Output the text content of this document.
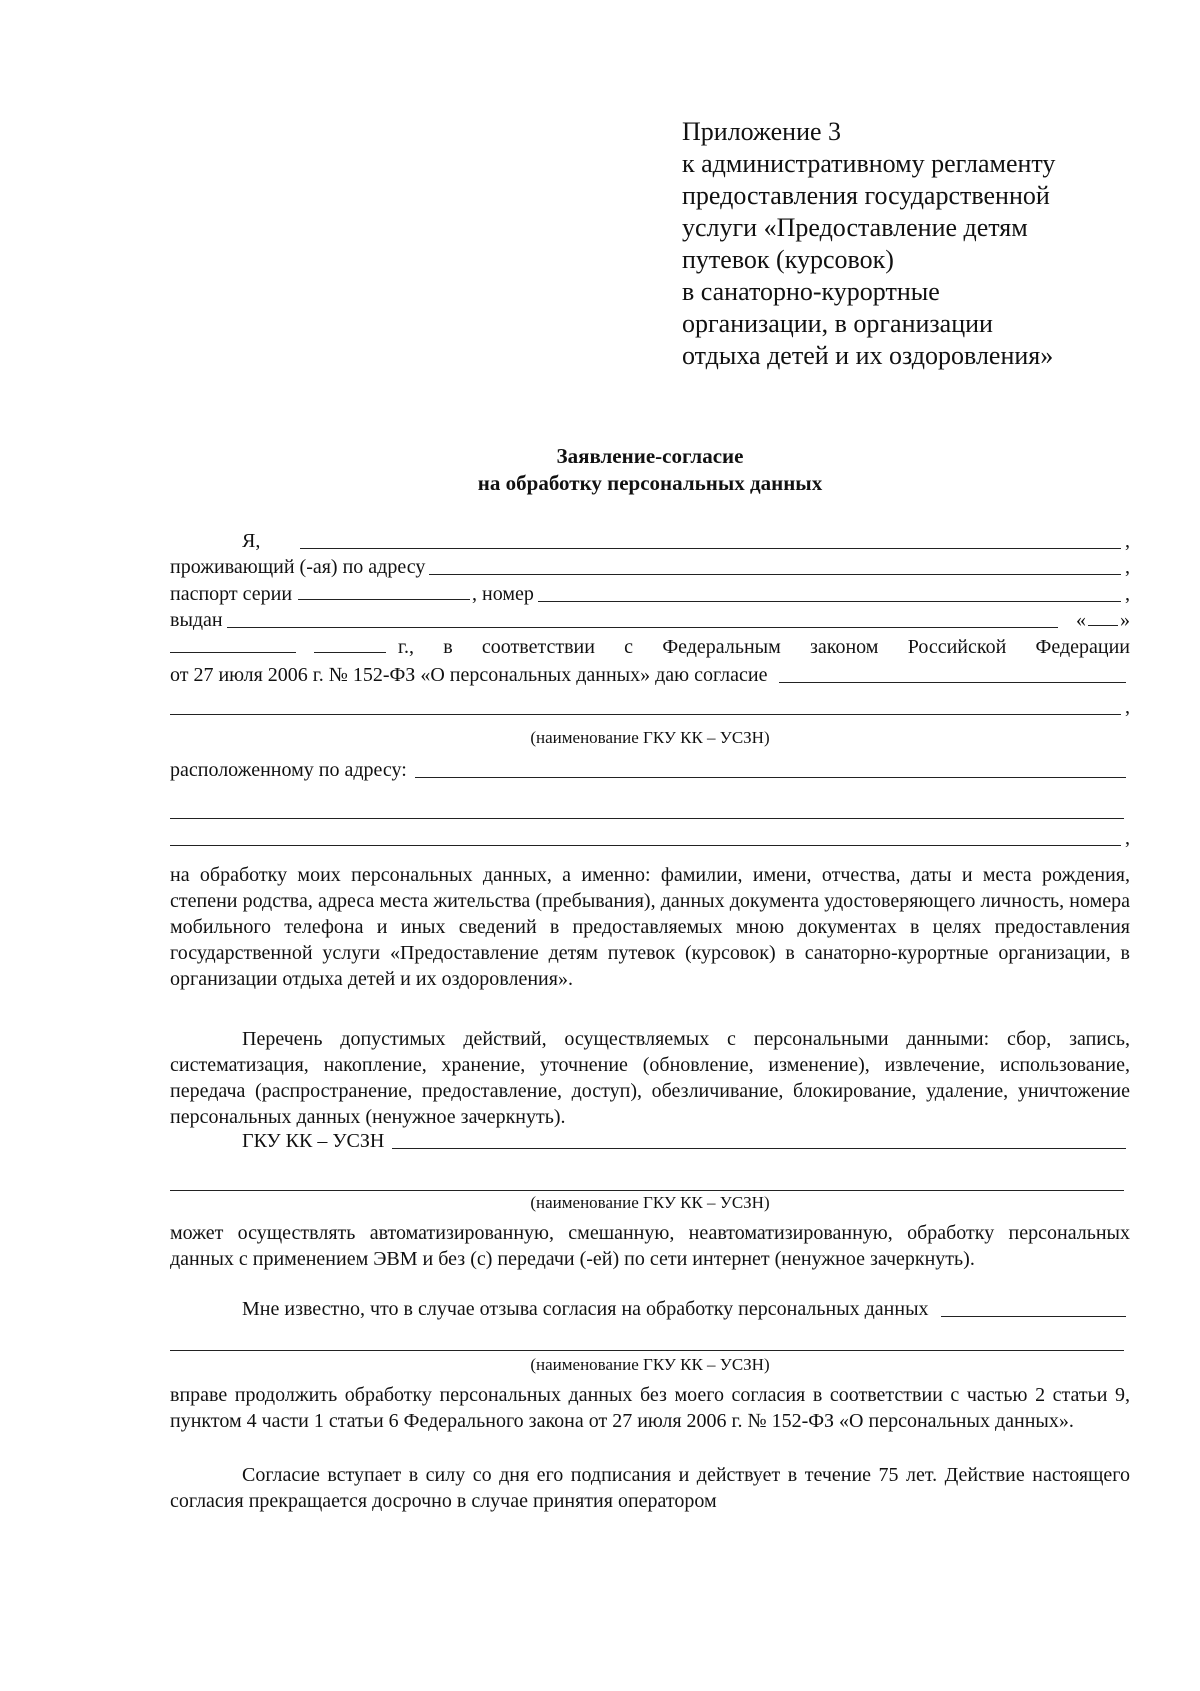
Приложение 3
к административному регламенту
предоставления государственной
услуги «Предоставление детям
путевок (курсовок)
в санаторно-курортные
организации, в организации
отдыха детей и их оздоровления»
Заявление-согласие
на обработку персональных данных
Я,	,
проживающий (-ая) по адресу	,
паспорт серии	, номер	,
выдан	« »
г., в соответствии с Федеральным законом Российской Федерации
от 27 июля 2006 г. № 152-ФЗ «О персональных данных» даю согласие
,
(наименование ГКУ КК – УСЗН)
расположенному по адресу:
,
на обработку моих персональных данных, а именно: фамилии, имени, отчества, даты и места рождения, степени родства, адреса места жительства (пребывания), данных документа удостоверяющего личность, номера мобильного телефона и иных сведений в предоставляемых мною документах в целях предоставления государственной услуги «Предоставление детям путевок (курсовок) в санаторно-курортные организации, в организации отдыха детей и их оздоровления».
Перечень допустимых действий, осуществляемых с персональными данными: сбор, запись, систематизация, накопление, хранение, уточнение (обновление, изменение), извлечение, использование, передача (распространение, предоставление, доступ), обезличивание, блокирование, удаление, уничтожение персональных данных (ненужное зачеркнуть).
ГКУ КК – УСЗН
(наименование ГКУ КК – УСЗН)
может осуществлять автоматизированную, смешанную, неавтоматизированную, обработку персональных данных с применением ЭВМ и без (с) передачи (-ей) по сети интернет (ненужное зачеркнуть).
Мне известно, что в случае отзыва согласия на обработку персональных данных
(наименование ГКУ КК – УСЗН)
вправе продолжить обработку персональных данных без моего согласия в соответствии с частью 2 статьи 9, пунктом 4 части 1 статьи 6 Федерального закона от 27 июля 2006 г. № 152-ФЗ «О персональных данных».
Согласие вступает в силу со дня его подписания и действует в течение 75 лет. Действие настоящего согласия прекращается досрочно в случае принятия оператором
